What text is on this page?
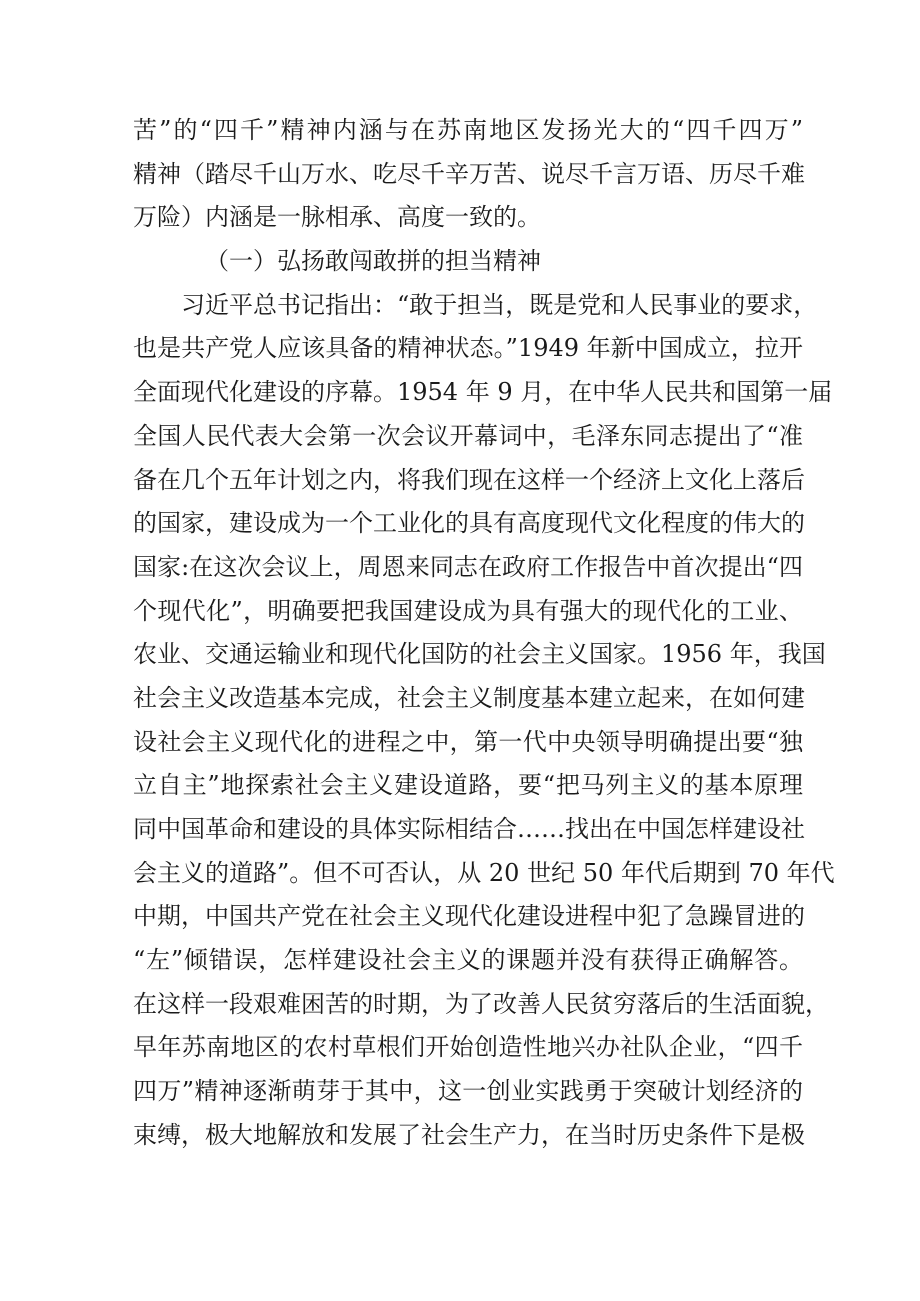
苦”的“四千”精神内涵与在苏南地区发扬光大的“四千四万”
精神（踏尽千山万水、吃尽千辛万苦、说尽千言万语、历尽千难
万险）内涵是一脉相承、高度一致的。
（一）弘扬敢闯敢拼的担当精神
习近平总书记指出：“敢于担当，既是党和人民事业的要求，
也是共产党人应该具备的精神状态。”1949 年新中国成立，拉开
全面现代化建设的序幕。1954 年 9 月，在中华人民共和国第一届
全国人民代表大会第一次会议开幕词中，毛泽东同志提出了“准
备在几个五年计划之内，将我们现在这样一个经济上文化上落后
的国家，建设成为一个工业化的具有高度现代文化程度的伟大的
国家:在这次会议上，周恩来同志在政府工作报告中首次提出“四
个现代化”，明确要把我国建设成为具有强大的现代化的工业、
农业、交通运输业和现代化国防的社会主义国家。1956 年，我国
社会主义改造基本完成，社会主义制度基本建立起来，在如何建
设社会主义现代化的进程之中，第一代中央领导明确提出要“独
立自主”地探索社会主义建设道路，要“把马列主义的基本原理
同中国革命和建设的具体实际相结合……找出在中国怎样建设社
会主义的道路”。但不可否认，从 20 世纪 50 年代后期到 70 年代
中期，中国共产党在社会主义现代化建设进程中犯了急躁冒进的
“左”倾错误，怎样建设社会主义的课题并没有获得正确解答。
在这样一段艰难困苦的时期，为了改善人民贫穷落后的生活面貌，
早年苏南地区的农村草根们开始创造性地兴办社队企业，“四千
四万”精神逐渐萌芽于其中，这一创业实践勇于突破计划经济的
束缚，极大地解放和发展了社会生产力，在当时历史条件下是极
